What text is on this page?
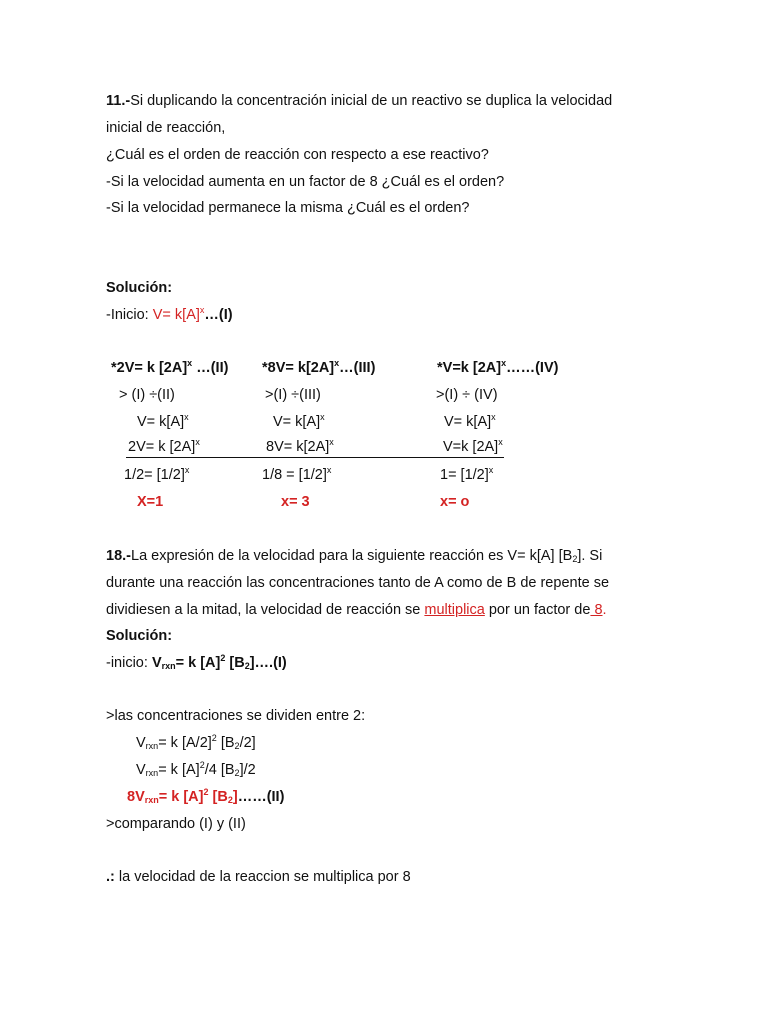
11.-Si duplicando la concentración inicial de un reactivo se duplica la velocidad
inicial de reacción,
¿Cuál es el orden de reacción con respecto a ese reactivo?
-Si la velocidad aumenta en un factor de 8 ¿Cuál es el orden?
-Si la velocidad permanece la misma ¿Cuál es el orden?
Solución:
-Inicio: $V= k[A]^x\dots(I)$
*2V= k $[2A]^x$ …(II)
> (I) ÷(II)
$V= k[A]^x$
2V= k $[2A]^x$
$1/2= [1/2]^x$
X=1
$*8V= k[2A]^x\dots(III)$
>(I) ÷(III)
$V= k[A]^x$
$8V= k[2A]^x$
$1/8 = [1/2]^x$
x= 3
*V=k $[2A]^x\dots\dots(IV)$
>(I) ÷ (IV)
$V= k[A]^x$
V=k $[2A]^x$
$1= [1/2]^x$
x= o
18.-La expresión de la velocidad para la siguiente reacción es V= k[A] $[B_2]$. Si
durante una reacción las concentraciones tanto de A como de B de repente se
dividiesen a la mitad, la velocidad de reacción se multiplica por un factor de 8.
Solución:
-inicio: $V_{rxn}= k$ $[A]^2$ $[B_2]\dots.(I)$
>las concentraciones se dividen entre 2:
$V_{rxn}= k$ $[A/2]^2$ $[B_2/2]$
$V_{rxn}= k$ $[A]^2/4$ $[B_2]/2$
$8V_{rxn}= k$ $[A]^2$ $[B_2]\dots\dots(II)$
>comparando (I) y (II)
.: la velocidad de la reaccion se multiplica por 8
